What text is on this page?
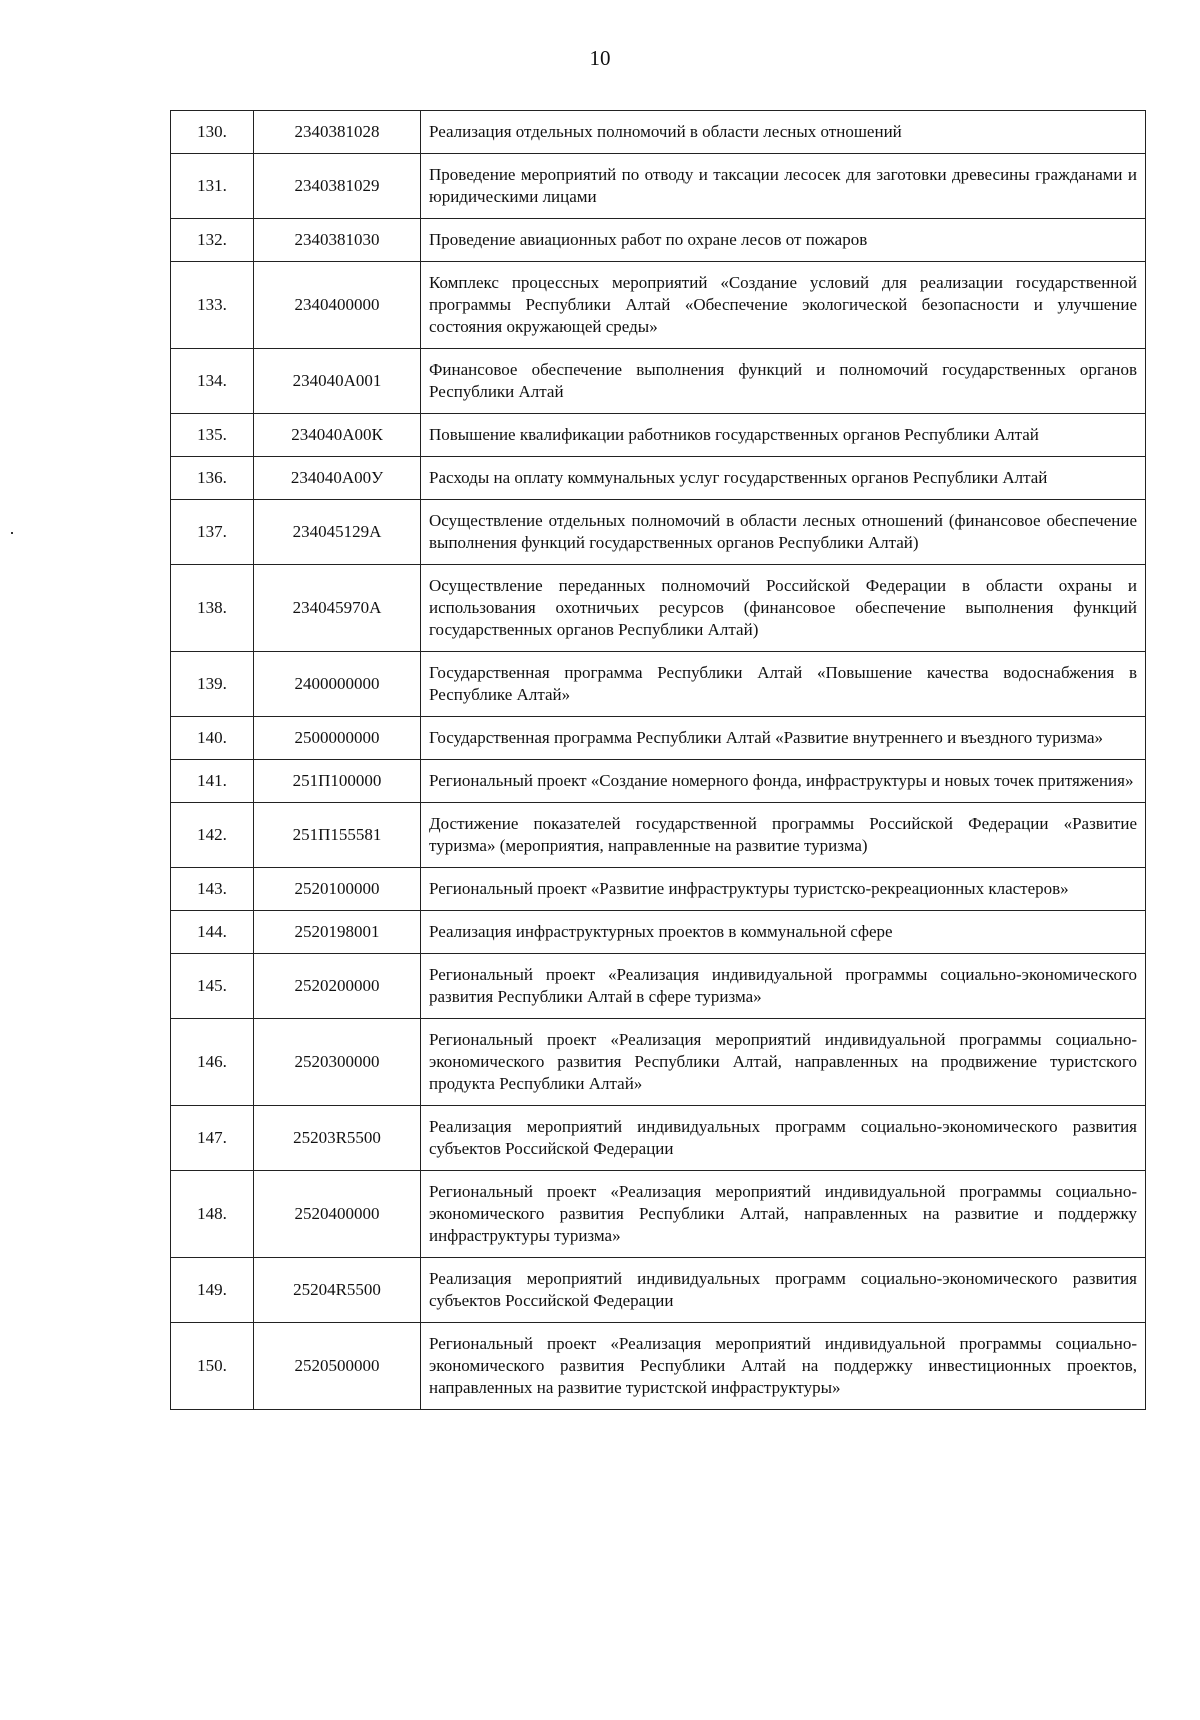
10
130.	2340381028	Реализация отдельных полномочий в области лесных отношений
131.	2340381029	Проведение мероприятий по отводу и таксации лесосек для заготовки древесины гражданами и юридическими лицами
132.	2340381030	Проведение авиационных работ по охране лесов от пожаров
133.	2340400000	Комплекс процессных мероприятий «Создание условий для реализации государственной программы Республики Алтай «Обеспечение экологической безопасности и улучшение состояния окружающей среды»
134.	234040А001	Финансовое обеспечение выполнения функций и полномочий государственных органов Республики Алтай
135.	234040А00К	Повышение квалификации работников государственных органов Республики Алтай
136.	234040А00У	Расходы на оплату коммунальных услуг государственных органов Республики Алтай
137.	234045129А	Осуществление отдельных полномочий в области лесных отношений (финансовое обеспечение выполнения функций государственных органов Республики Алтай)
138.	234045970А	Осуществление переданных полномочий Российской Федерации в области охраны и использования охотничьих ресурсов (финансовое обеспечение выполнения функций государственных органов Республики Алтай)
139.	2400000000	Государственная программа Республики Алтай «Повышение качества водоснабжения в Республике Алтай»
140.	2500000000	Государственная программа Республики Алтай «Развитие внутреннего и въездного туризма»
141.	251П100000	Региональный проект «Создание номерного фонда, инфраструктуры и новых точек притяжения»
142.	251П155581	Достижение показателей государственной программы Российской Федерации «Развитие туризма» (мероприятия, направленные на развитие туризма)
143.	2520100000	Региональный проект «Развитие инфраструктуры туристско-рекреационных кластеров»
144.	2520198001	Реализация инфраструктурных проектов в коммунальной сфере
145.	2520200000	Региональный проект «Реализация индивидуальной программы социально-экономического развития Республики Алтай в сфере туризма»
146.	2520300000	Региональный проект «Реализация мероприятий индивидуальной программы социально-экономического развития Республики Алтай, направленных на продвижение туристского продукта Республики Алтай»
147.	25203R5500	Реализация мероприятий индивидуальных программ социально-экономического развития субъектов Российской Федерации
148.	2520400000	Региональный проект «Реализация мероприятий индивидуальной программы социально-экономического развития Республики Алтай, направленных на развитие и поддержку инфраструктуры туризма»
149.	25204R5500	Реализация мероприятий индивидуальных программ социально-экономического развития субъектов Российской Федерации
150.	2520500000	Региональный проект «Реализация мероприятий индивидуальной программы социально-экономического развития Республики Алтай на поддержку инвестиционных проектов, направленных на развитие туристской инфраструктуры»
